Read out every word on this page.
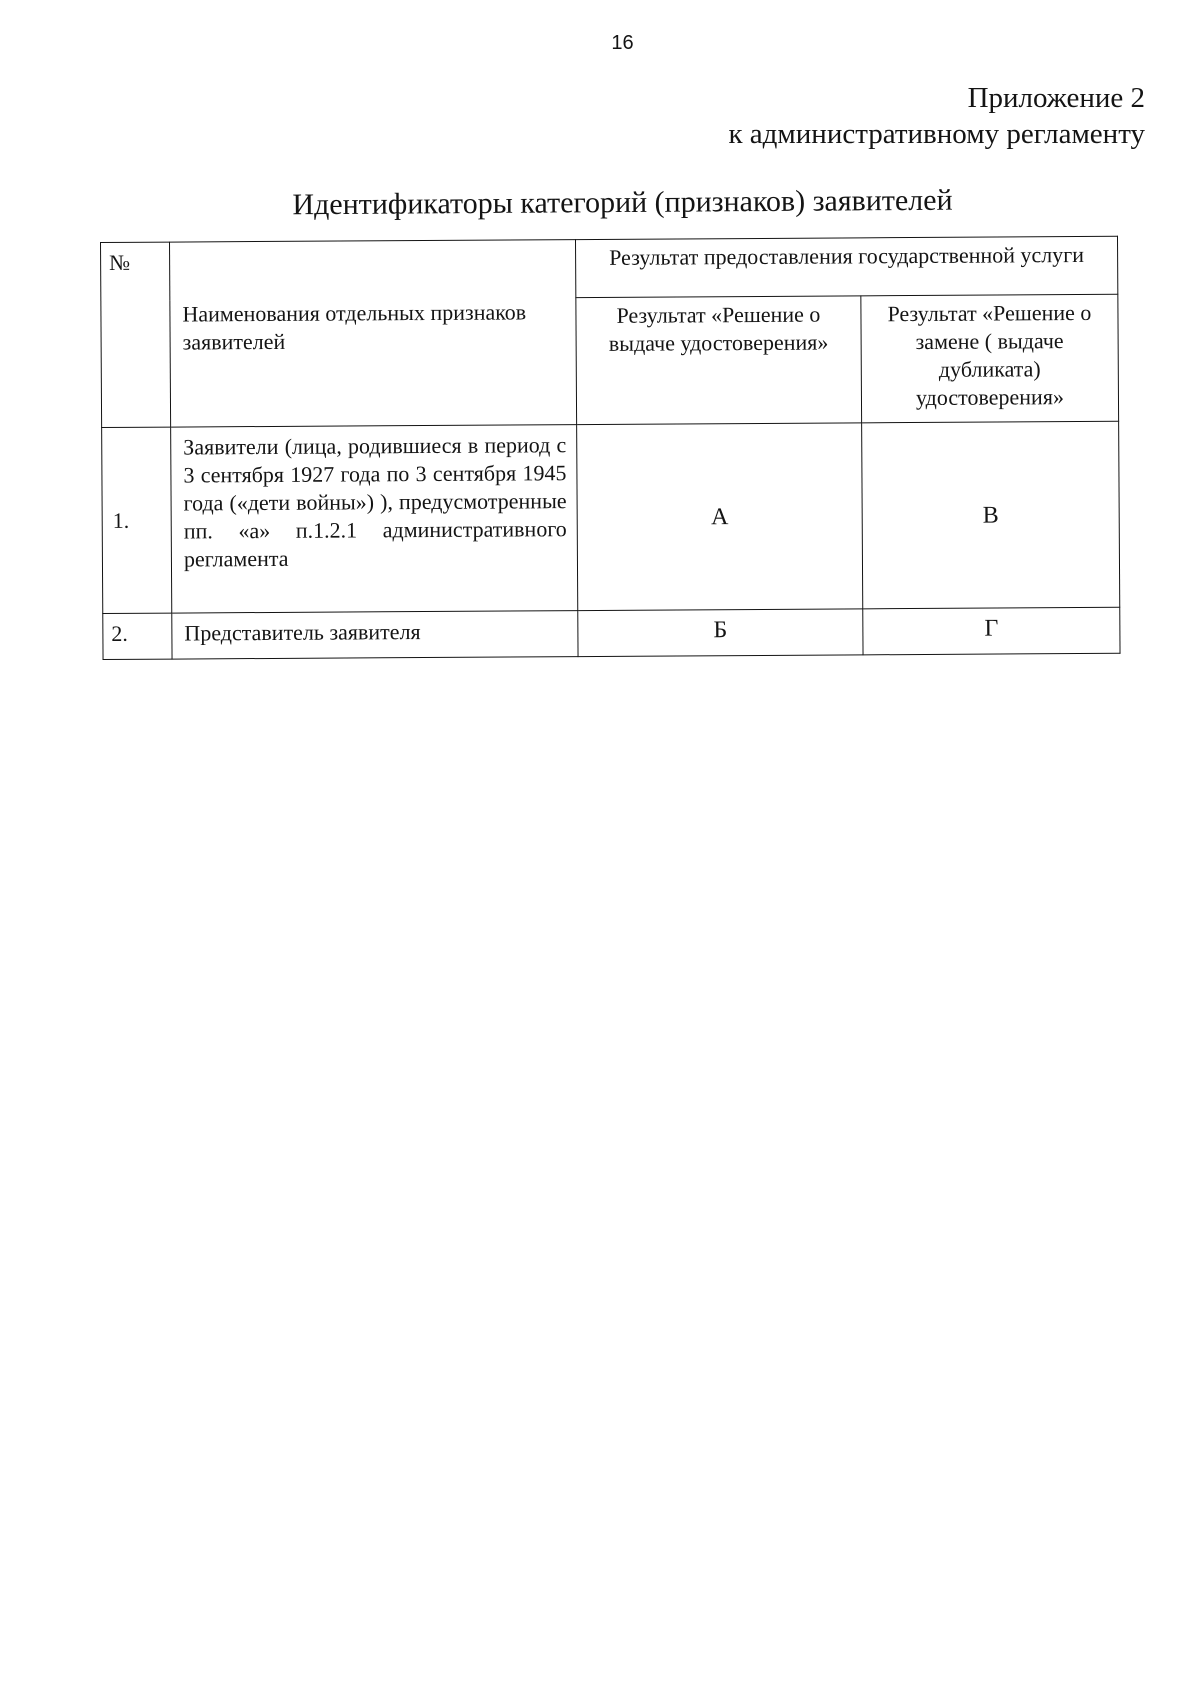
16
Приложение 2
к административному регламенту
Идентификаторы категорий (признаков) заявителей
№	Наименования отдельных признаков заявителей	Результат предоставления государственной услуги	
		Результат «Решение о выдаче удостоверения»	Результат «Решение о замене ( выдаче дубликата) удостоверения»
1.	Заявители (лица, родившиеся в период с 3 сентября 1927 года по 3 сентября 1945 года («дети войны») ), предусмотренные пп. «а» п.1.2.1 административного регламента	А	В
2.	Представитель заявителя	Б	Г
